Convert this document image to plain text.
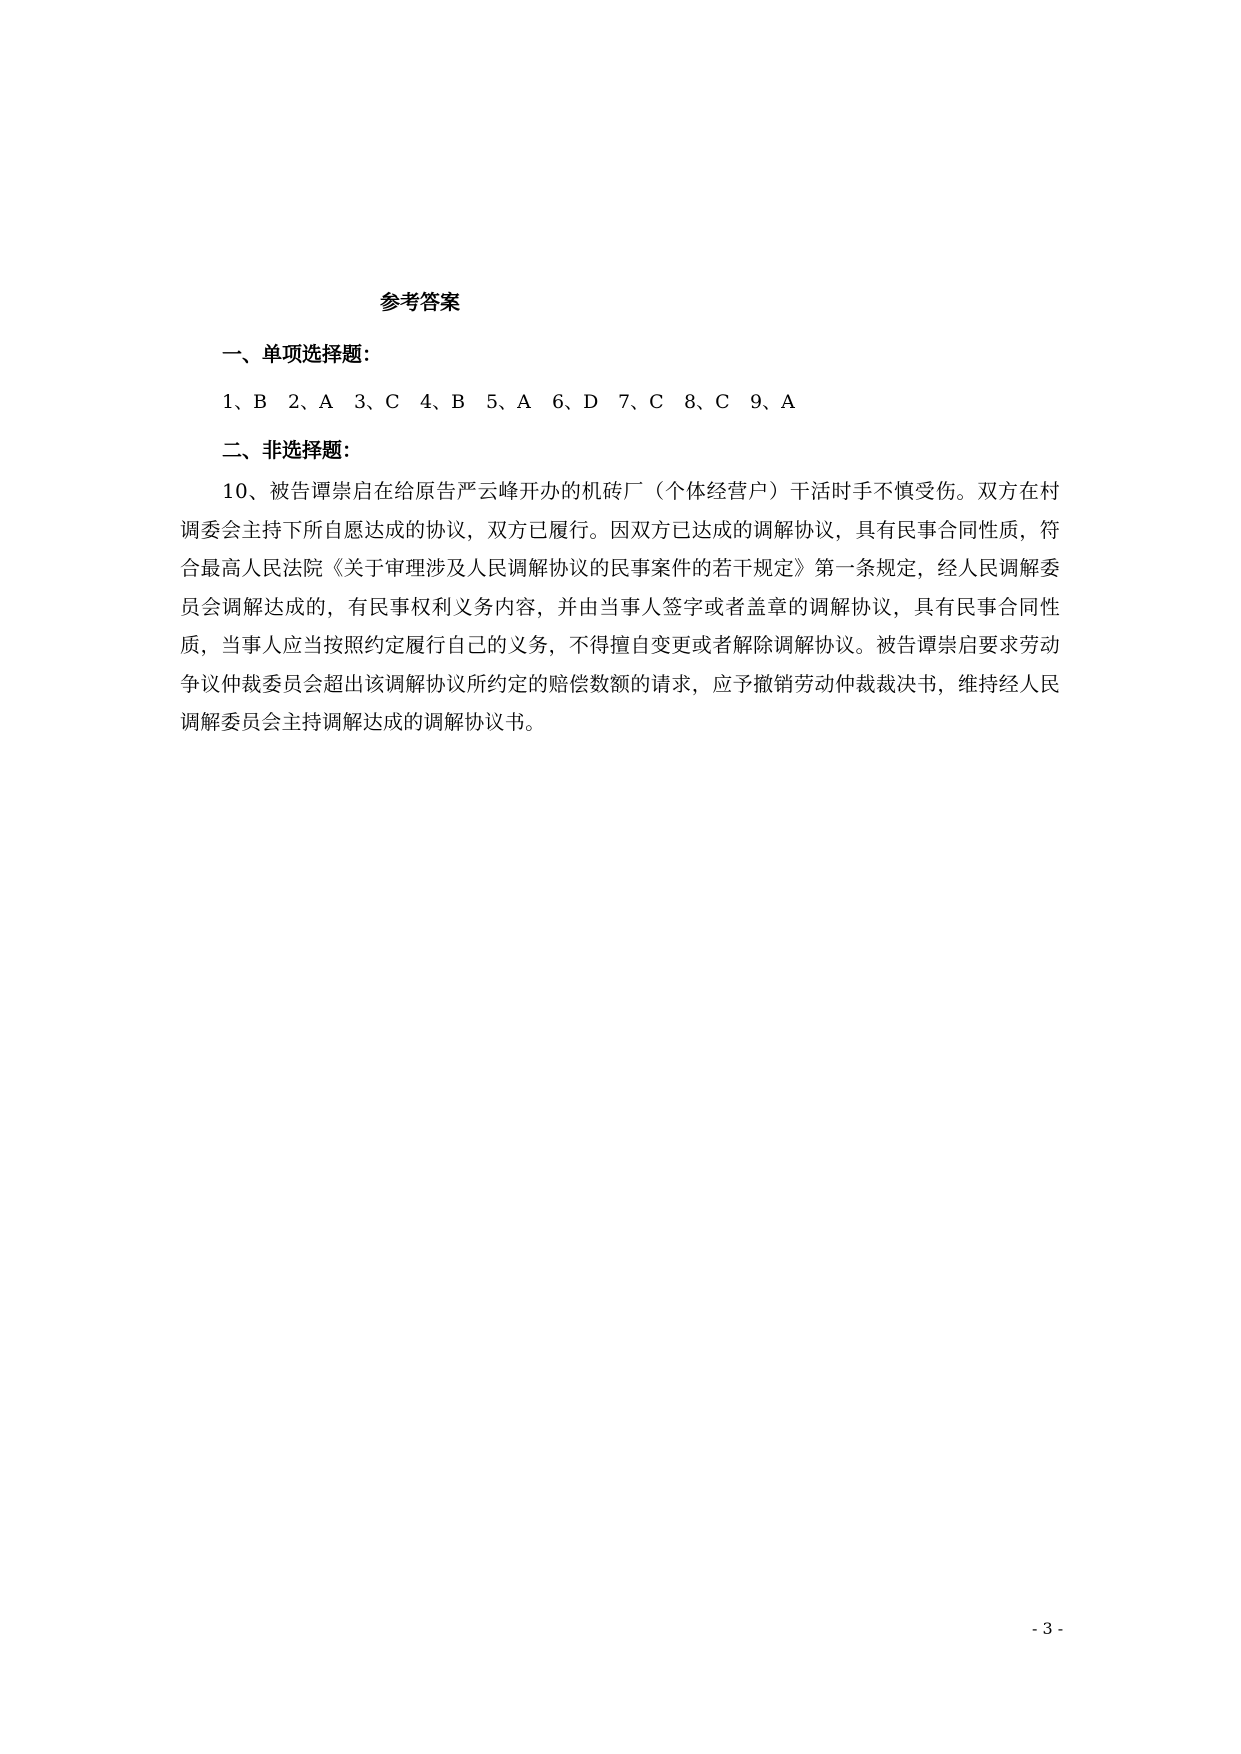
参考答案
一、单项选择题：
1、B	2、A	3、C	4、B	5、A	6、D	7、C	8、C	9、A
二、非选择题：

10、被告谭崇启在给原告严云峰开办的机砖厂（个体经营户）干活时手不慎受伤。双方在村调委会主持下所自愿达成的协议，双方已履行。因双方已达成的调解协议，具有民事合同性质，符合最高人民法院《关于审理涉及人民调解协议的民事案件的若干规定》第一条规定，经人民调解委员会调解达成的，有民事权利义务内容，并由当事人签字或者盖章的调解协议，具有民事合同性质，当事人应当按照约定履行自己的义务，不得擅自变更或者解除调解协议。被告谭崇启要求劳动争议仲裁委员会超出该调解协议所约定的赔偿数额的请求，应予撤销劳动仲裁裁决书，维持经人民调解委员会主持调解达成的调解协议书。

- 3 -
